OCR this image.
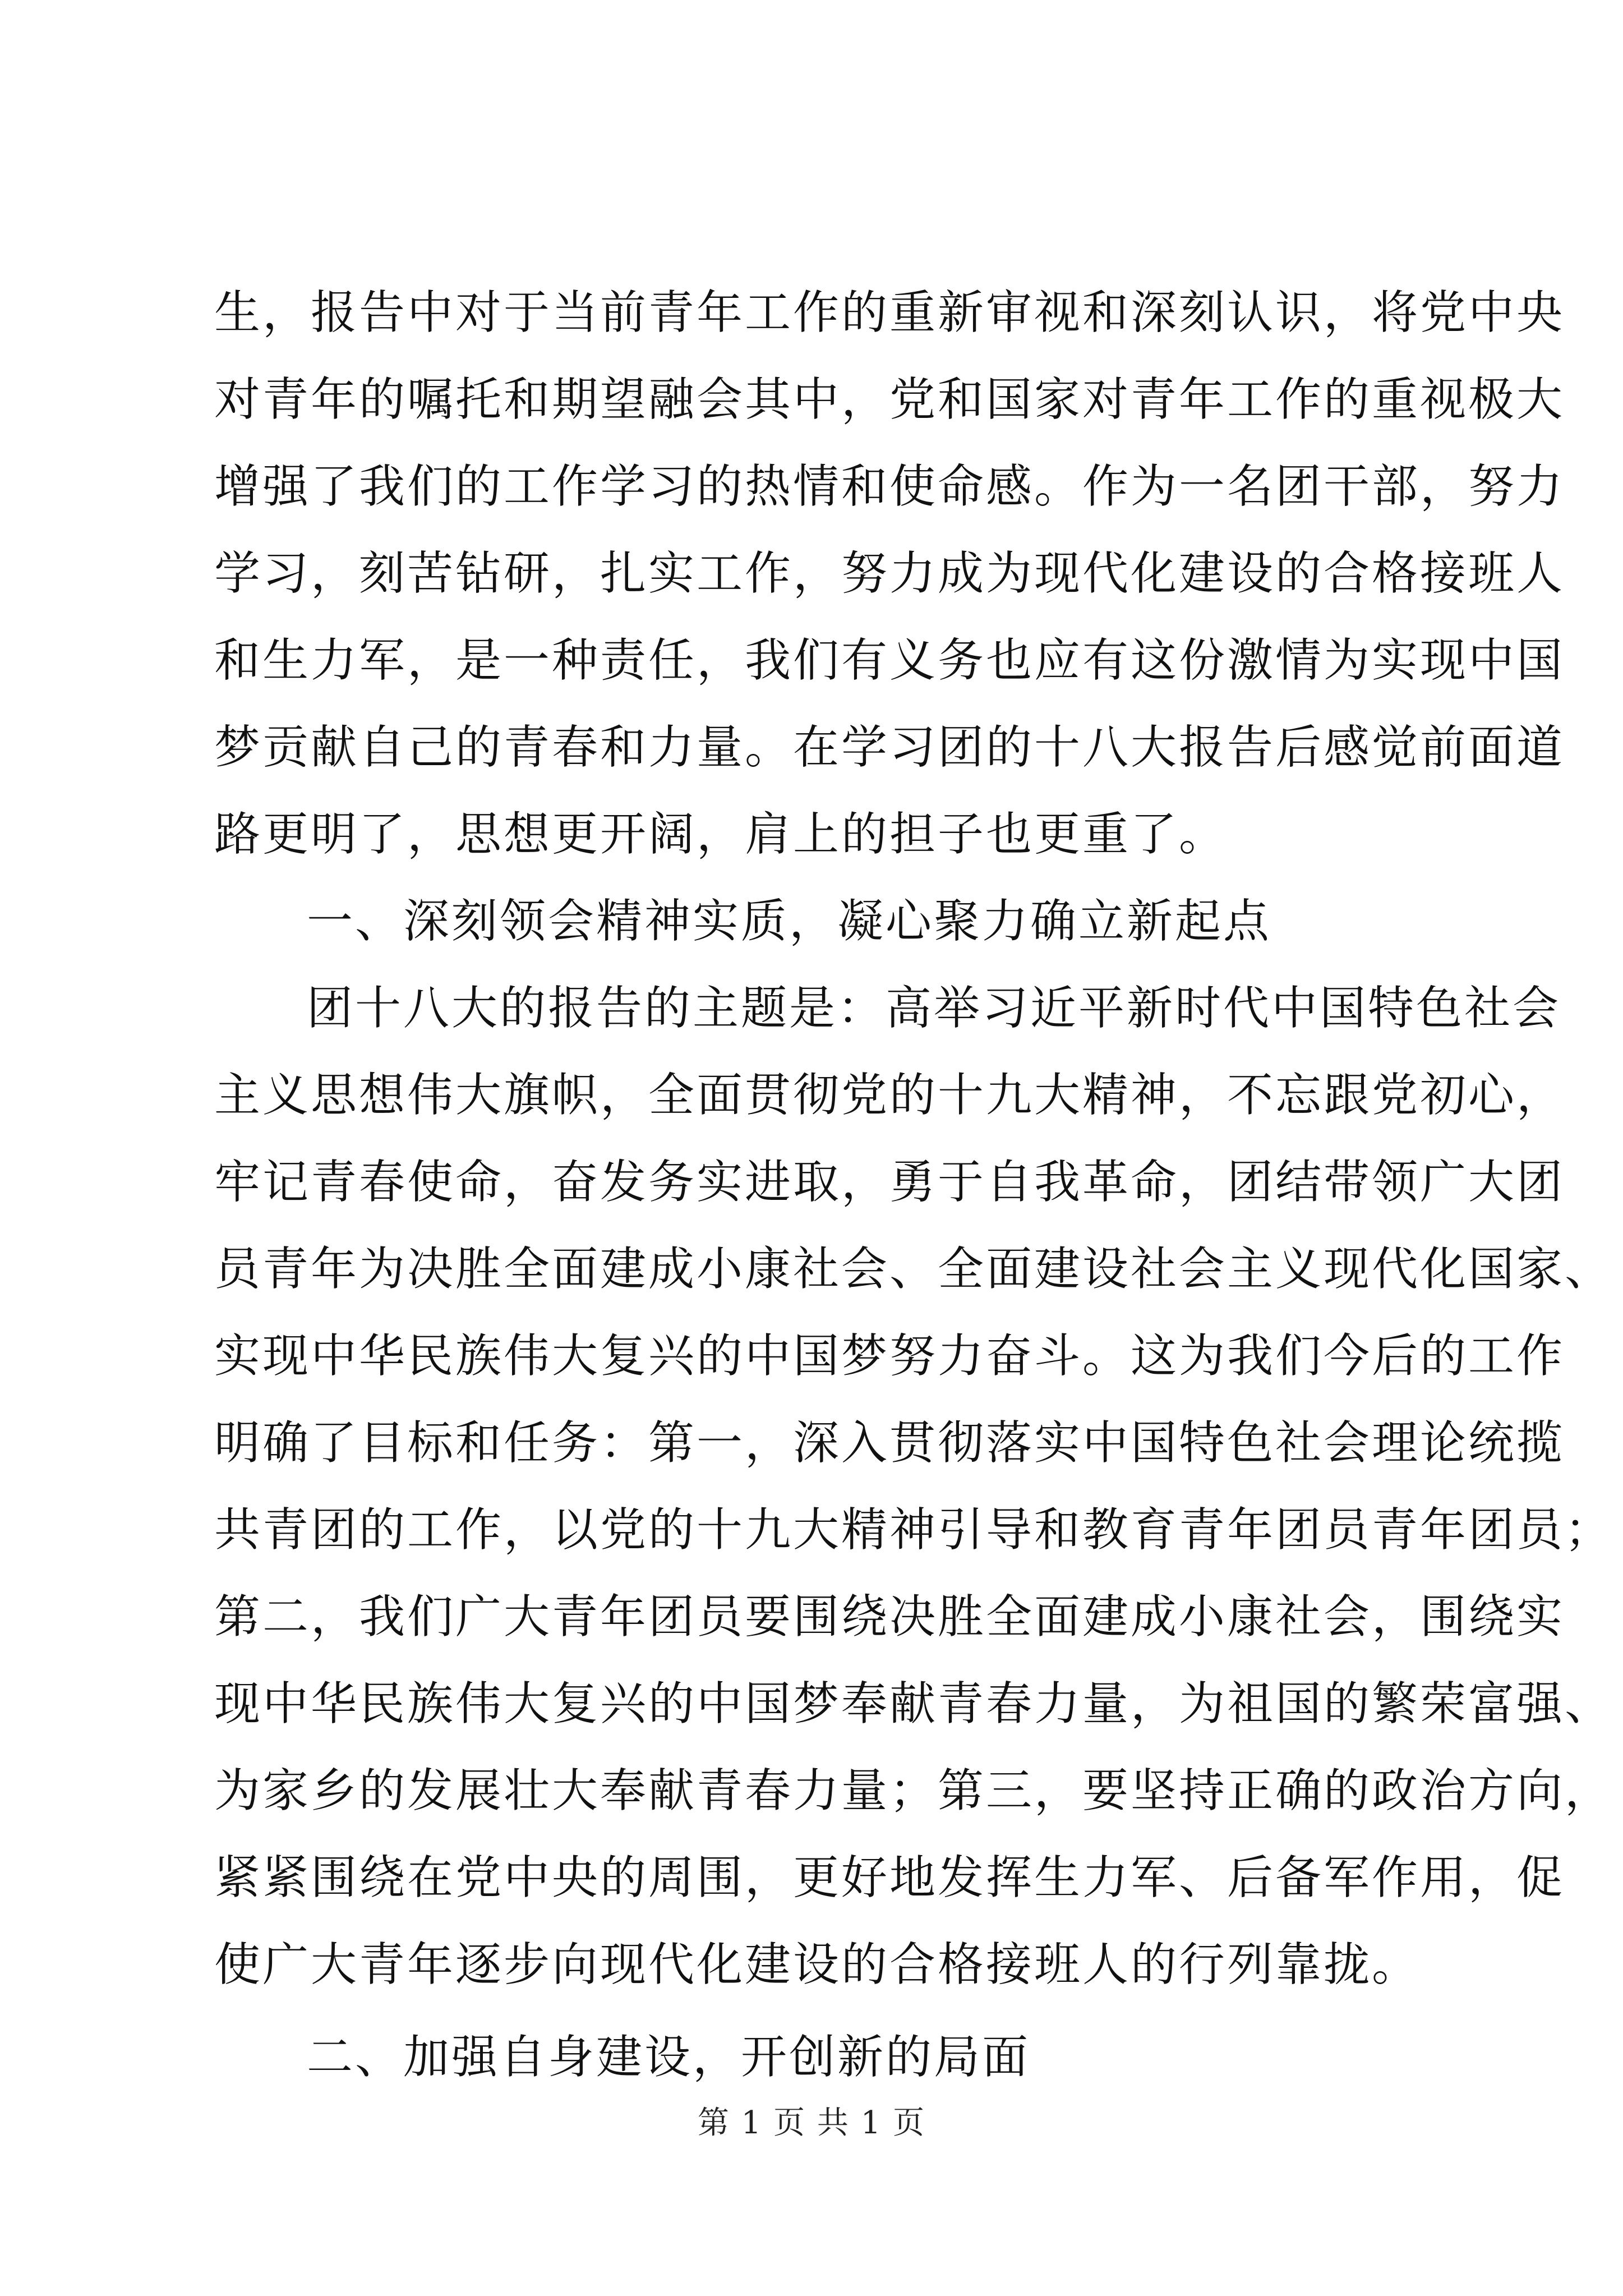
生，报告中对于当前青年工作的重新审视和深刻认识，将党中央
对青年的嘱托和期望融会其中，党和国家对青年工作的重视极大
增强了我们的工作学习的热情和使命感。作为一名团干部，努力
学习，刻苦钻研，扎实工作，努力成为现代化建设的合格接班人
和生力军，是一种责任，我们有义务也应有这份激情为实现中国
梦贡献自己的青春和力量。在学习团的十八大报告后感觉前面道
路更明了，思想更开阔，肩上的担子也更重了。
一、深刻领会精神实质，凝心聚力确立新起点
团十八大的报告的主题是：高举习近平新时代中国特色社会
主义思想伟大旗帜，全面贯彻党的十九大精神，不忘跟党初心，
牢记青春使命，奋发务实进取，勇于自我革命，团结带领广大团
员青年为决胜全面建成小康社会、全面建设社会主义现代化国家、
实现中华民族伟大复兴的中国梦努力奋斗。这为我们今后的工作
明确了目标和任务：第一，深入贯彻落实中国特色社会理论统揽
共青团的工作，以党的十九大精神引导和教育青年团员青年团员；
第二，我们广大青年团员要围绕决胜全面建成小康社会，围绕实
现中华民族伟大复兴的中国梦奉献青春力量，为祖国的繁荣富强、
为家乡的发展壮大奉献青春力量；第三，要坚持正确的政治方向，
紧紧围绕在党中央的周围，更好地发挥生力军、后备军作用，促
使广大青年逐步向现代化建设的合格接班人的行列靠拢。
二、加强自身建设，开创新的局面
第 1 页 共 1 页
